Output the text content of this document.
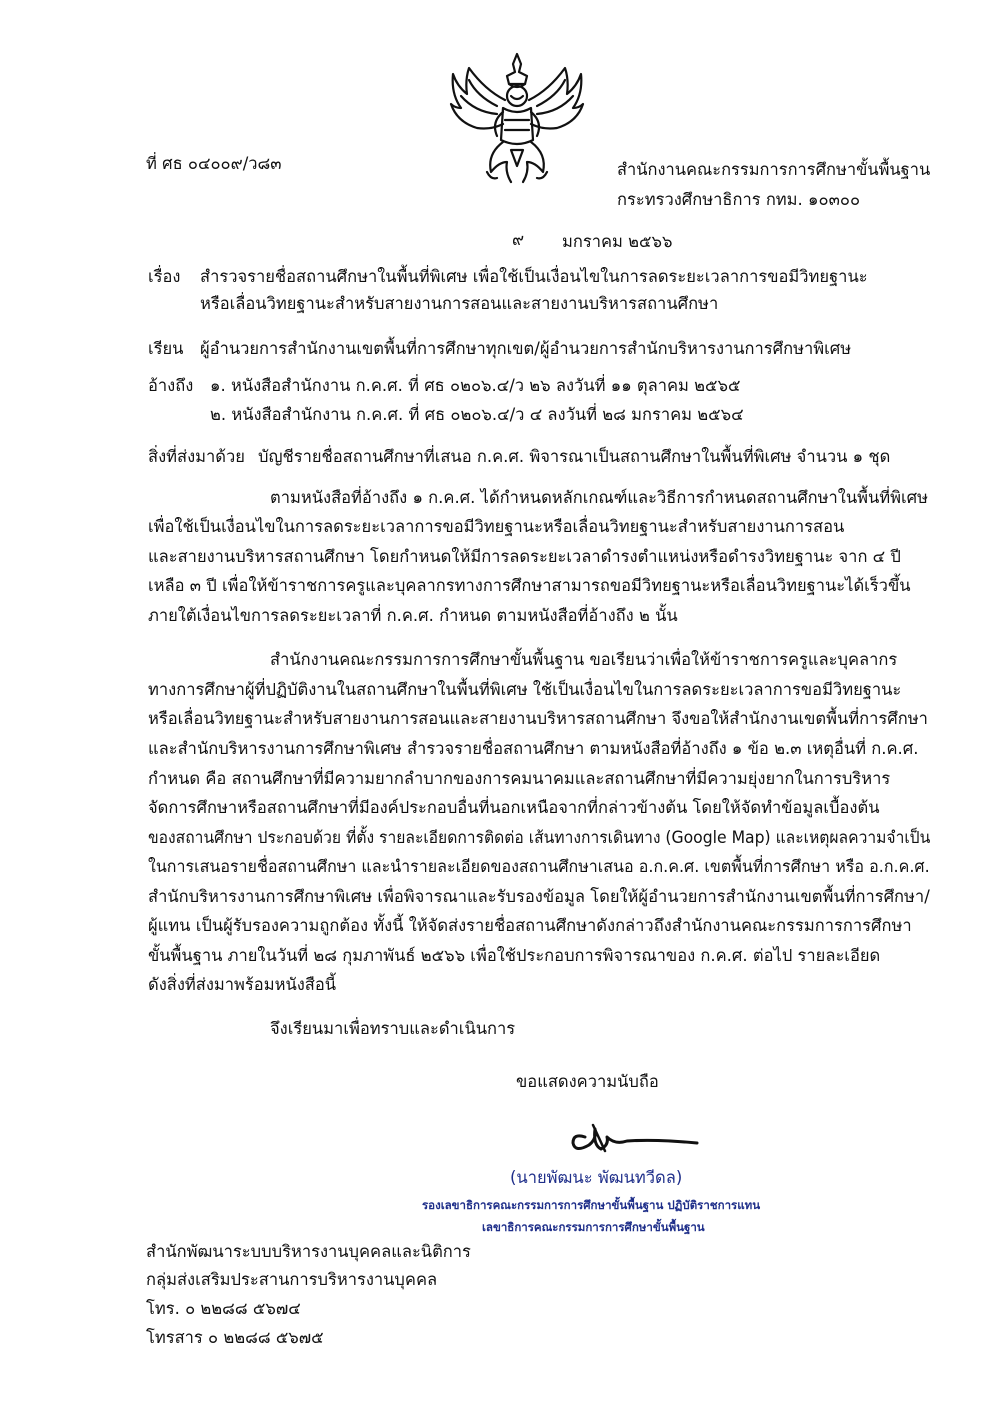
ที่ ศธ ๐๔๐๐๙/ว๘๓	สำนักงานคณะกรรมการการศึกษาขั้นพื้นฐาน
กระทรวงศึกษาธิการ กทม. ๑๐๓๐๐
๙ มกราคม ๒๕๖๖
เรื่อง สำรวจรายชื่อสถานศึกษาในพื้นที่พิเศษ เพื่อใช้เป็นเงื่อนไขในการลดระยะเวลาการขอมีวิทยฐานะ
หรือเลื่อนวิทยฐานะสำหรับสายงานการสอนและสายงานบริหารสถานศึกษา
เรียน ผู้อำนวยการสำนักงานเขตพื้นที่การศึกษาทุกเขต/ผู้อำนวยการสำนักบริหารงานการศึกษาพิเศษ
อ้างถึง ๑. หนังสือสำนักงาน ก.ค.ศ. ที่ ศธ ๐๒๐๖.๔/ว ๒๖ ลงวันที่ ๑๑ ตุลาคม ๒๕๖๕
๒. หนังสือสำนักงาน ก.ค.ศ. ที่ ศธ ๐๒๐๖.๔/ว ๔ ลงวันที่ ๒๘ มกราคม ๒๕๖๔
สิ่งที่ส่งมาด้วย บัญชีรายชื่อสถานศึกษาที่เสนอ ก.ค.ศ. พิจารณาเป็นสถานศึกษาในพื้นที่พิเศษ จำนวน ๑ ชุด
ตามหนังสือที่อ้างถึง ๑ ก.ค.ศ. ได้กำหนดหลักเกณฑ์และวิธีการกำหนดสถานศึกษาในพื้นที่พิเศษ
เพื่อใช้เป็นเงื่อนไขในการลดระยะเวลาการขอมีวิทยฐานะหรือเลื่อนวิทยฐานะสำหรับสายงานการสอน
และสายงานบริหารสถานศึกษา โดยกำหนดให้มีการลดระยะเวลาดำรงตำแหน่งหรือดำรงวิทยฐานะ จาก ๔ ปี
เหลือ ๓ ปี เพื่อให้ข้าราชการครูและบุคลากรทางการศึกษาสามารถขอมีวิทยฐานะหรือเลื่อนวิทยฐานะได้เร็วขึ้น
ภายใต้เงื่อนไขการลดระยะเวลาที่ ก.ค.ศ. กำหนด ตามหนังสือที่อ้างถึง ๒ นั้น
สำนักงานคณะกรรมการการศึกษาขั้นพื้นฐาน ขอเรียนว่าเพื่อให้ข้าราชการครูและบุคลากร
ทางการศึกษาผู้ที่ปฏิบัติงานในสถานศึกษาในพื้นที่พิเศษ ใช้เป็นเงื่อนไขในการลดระยะเวลาการขอมีวิทยฐานะ
หรือเลื่อนวิทยฐานะสำหรับสายงานการสอนและสายงานบริหารสถานศึกษา จึงขอให้สำนักงานเขตพื้นที่การศึกษา
และสำนักบริหารงานการศึกษาพิเศษ สำรวจรายชื่อสถานศึกษา ตามหนังสือที่อ้างถึง ๑ ข้อ ๒.๓ เหตุอื่นที่ ก.ค.ศ.
กำหนด คือ สถานศึกษาที่มีความยากลำบากของการคมนาคมและสถานศึกษาที่มีความยุ่งยากในการบริหาร
จัดการศึกษาหรือสถานศึกษาที่มีองค์ประกอบอื่นที่นอกเหนือจากที่กล่าวข้างต้น โดยให้จัดทำข้อมูลเบื้องต้น
ของสถานศึกษา ประกอบด้วย ที่ตั้ง รายละเอียดการติดต่อ เส้นทางการเดินทาง (Google Map) และเหตุผลความจำเป็น
ในการเสนอรายชื่อสถานศึกษา และนำรายละเอียดของสถานศึกษาเสนอ อ.ก.ค.ศ. เขตพื้นที่การศึกษา หรือ อ.ก.ค.ศ.
สำนักบริหารงานการศึกษาพิเศษ เพื่อพิจารณาและรับรองข้อมูล โดยให้ผู้อำนวยการสำนักงานเขตพื้นที่การศึกษา/
ผู้แทน เป็นผู้รับรองความถูกต้อง ทั้งนี้ ให้จัดส่งรายชื่อสถานศึกษาดังกล่าวถึงสำนักงานคณะกรรมการการศึกษา
ขั้นพื้นฐาน ภายในวันที่ ๒๘ กุมภาพันธ์ ๒๕๖๖ เพื่อใช้ประกอบการพิจารณาของ ก.ค.ศ. ต่อไป รายละเอียด
ดังสิ่งที่ส่งมาพร้อมหนังสือนี้
จึงเรียนมาเพื่อทราบและดำเนินการ
ขอแสดงความนับถือ
(นายพัฒนะ พัฒนทวีดล)
รองเลขาธิการคณะกรรมการการศึกษาขั้นพื้นฐาน ปฏิบัติราชการแทน
เลขาธิการคณะกรรมการการศึกษาขั้นพื้นฐาน
สำนักพัฒนาระบบบริหารงานบุคคลและนิติการ
กลุ่มส่งเสริมประสานการบริหารงานบุคคล
โทร. ๐ ๒๒๘๘ ๕๖๗๔
โทรสาร ๐ ๒๒๘๘ ๕๖๗๕
